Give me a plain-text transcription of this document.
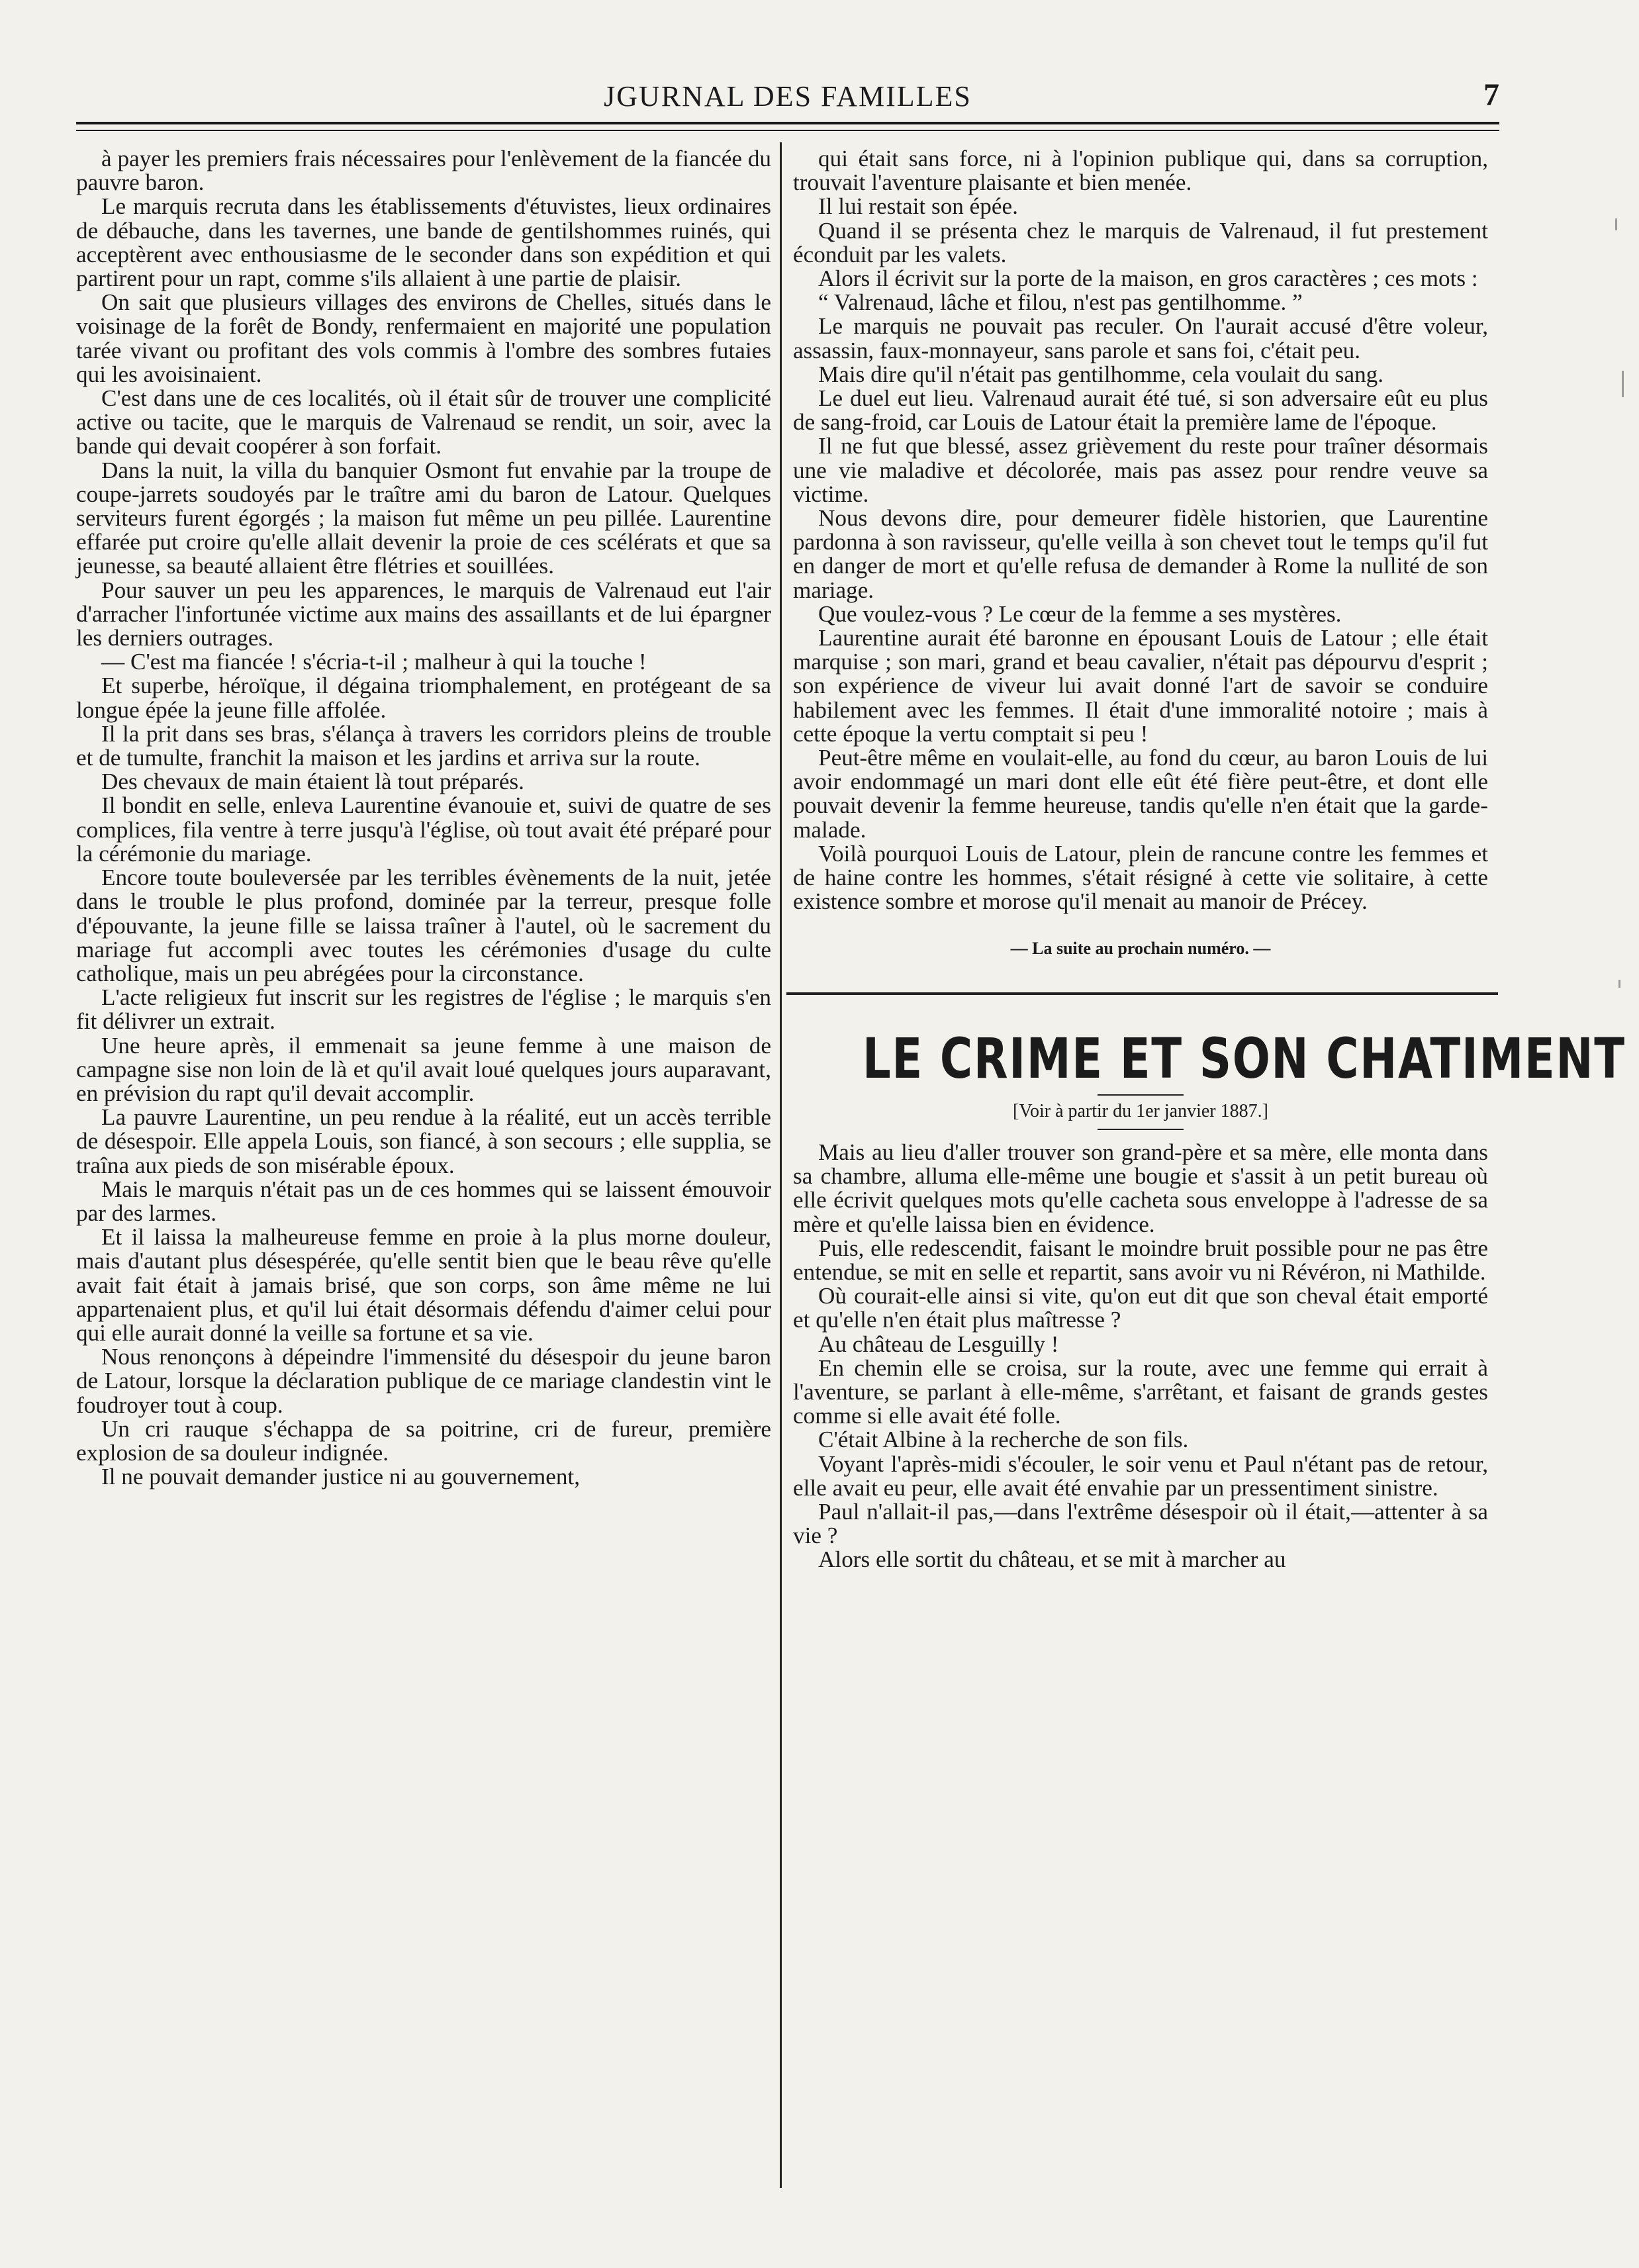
JGURNAL DES FAMILLES	7

à payer les premiers frais nécessaires pour l'enlèvement de la fiancée du pauvre baron.

Le marquis recruta dans les établissements d'étuvistes, lieux ordinaires de débauche, dans les tavernes, une bande de gentilshommes ruinés, qui acceptèrent avec enthousiasme de le seconder dans son expédition et qui partirent pour un rapt, comme s'ils allaient à une partie de plaisir.

On sait que plusieurs villages des environs de Chelles, situés dans le voisinage de la forêt de Bondy, renfermaient en majorité une population tarée vivant ou profitant des vols commis à l'ombre des sombres futaies qui les avoisinaient.

C'est dans une de ces localités, où il était sûr de trouver une complicité active ou tacite, que le marquis de Valrenaud se rendit, un soir, avec la bande qui devait coopérer à son forfait.

Dans la nuit, la villa du banquier Osmont fut envahie par la troupe de coupe-jarrets soudoyés par le traître ami du baron de Latour. Quelques serviteurs furent égorgés ; la maison fut même un peu pillée. Laurentine effarée put croire qu'elle allait devenir la proie de ces scélérats et que sa jeunesse, sa beauté allaient être flétries et souillées.

Pour sauver un peu les apparences, le marquis de Valrenaud eut l'air d'arracher l'infortunée victime aux mains des assaillants et de lui épargner les derniers outrages.

— C'est ma fiancée ! s'écria-t-il ; malheur à qui la touche !

Et superbe, héroïque, il dégaina triomphalement, en protégeant de sa longue épée la jeune fille affolée.

Il la prit dans ses bras, s'élança à travers les corridors pleins de trouble et de tumulte, franchit la maison et les jardins et arriva sur la route.

Des chevaux de main étaient là tout préparés.

Il bondit en selle, enleva Laurentine évanouie et, suivi de quatre de ses complices, fila ventre à terre jusqu'à l'église, où tout avait été préparé pour la cérémonie du mariage.

Encore toute bouleversée par les terribles évènements de la nuit, jetée dans le trouble le plus profond, dominée par la terreur, presque folle d'épouvante, la jeune fille se laissa traîner à l'autel, où le sacrement du mariage fut accompli avec toutes les cérémonies d'usage du culte catholique, mais un peu abrégées pour la circonstance.

L'acte religieux fut inscrit sur les registres de l'église ; le marquis s'en fit délivrer un extrait.

Une heure après, il emmenait sa jeune femme à une maison de campagne sise non loin de là et qu'il avait loué quelques jours auparavant, en prévision du rapt qu'il devait accomplir.

La pauvre Laurentine, un peu rendue à la réalité, eut un accès terrible de désespoir. Elle appela Louis, son fiancé, à son secours ; elle supplia, se traîna aux pieds de son misérable époux.

Mais le marquis n'était pas un de ces hommes qui se laissent émouvoir par des larmes.

Et il laissa la malheureuse femme en proie à la plus morne douleur, mais d'autant plus désespérée, qu'elle sentit bien que le beau rêve qu'elle avait fait était à jamais brisé, que son corps, son âme même ne lui appartenaient plus, et qu'il lui était désormais défendu d'aimer celui pour qui elle aurait donné la veille sa fortune et sa vie.

Nous renonçons à dépeindre l'immensité du désespoir du jeune baron de Latour, lorsque la déclaration publique de ce mariage clandestin vint le foudroyer tout à coup.

Un cri rauque s'échappa de sa poitrine, cri de fureur, première explosion de sa douleur indignée.

Il ne pouvait demander justice ni au gouvernement,

qui était sans force, ni à l'opinion publique qui, dans sa corruption, trouvait l'aventure plaisante et bien menée.

Il lui restait son épée.

Quand il se présenta chez le marquis de Valrenaud, il fut prestement éconduit par les valets.

Alors il écrivit sur la porte de la maison, en gros caractères ; ces mots :

“ Valrenaud, lâche et filou, n'est pas gentilhomme. ”

Le marquis ne pouvait pas reculer. On l'aurait accusé d'être voleur, assassin, faux-monnayeur, sans parole et sans foi, c'était peu.

Mais dire qu'il n'était pas gentilhomme, cela voulait du sang.

Le duel eut lieu. Valrenaud aurait été tué, si son adversaire eût eu plus de sang-froid, car Louis de Latour était la première lame de l'époque.

Il ne fut que blessé, assez grièvement du reste pour traîner désormais une vie maladive et décolorée, mais pas assez pour rendre veuve sa victime.

Nous devons dire, pour demeurer fidèle historien, que Laurentine pardonna à son ravisseur, qu'elle veilla à son chevet tout le temps qu'il fut en danger de mort et qu'elle refusa de demander à Rome la nullité de son mariage.

Que voulez-vous ? Le cœur de la femme a ses mystères.

Laurentine aurait été baronne en épousant Louis de Latour ; elle était marquise ; son mari, grand et beau cavalier, n'était pas dépourvu d'esprit ; son expérience de viveur lui avait donné l'art de savoir se conduire habilement avec les femmes. Il était d'une immoralité notoire ; mais à cette époque la vertu comptait si peu !

Peut-être même en voulait-elle, au fond du cœur, au baron Louis de lui avoir endommagé un mari dont elle eût été fière peut-être, et dont elle pouvait devenir la femme heureuse, tandis qu'elle n'en était que la garde-malade.

Voilà pourquoi Louis de Latour, plein de rancune contre les femmes et de haine contre les hommes, s'était résigné à cette vie solitaire, à cette existence sombre et morose qu'il menait au manoir de Précey.

— La suite au prochain numéro. —
LE CRIME ET SON CHATIMENT
[Voir à partir du 1er janvier 1887.]

Mais au lieu d'aller trouver son grand-père et sa mère, elle monta dans sa chambre, alluma elle-même une bougie et s'assit à un petit bureau où elle écrivit quelques mots qu'elle cacheta sous enveloppe à l'adresse de sa mère et qu'elle laissa bien en évidence.

Puis, elle redescendit, faisant le moindre bruit possible pour ne pas être entendue, se mit en selle et repartit, sans avoir vu ni Révéron, ni Mathilde.

Où courait-elle ainsi si vite, qu'on eut dit que son cheval était emporté et qu'elle n'en était plus maîtresse ?

Au château de Lesguilly !

En chemin elle se croisa, sur la route, avec une femme qui errait à l'aventure, se parlant à elle-même, s'arrêtant, et faisant de grands gestes comme si elle avait été folle.

C'était Albine à la recherche de son fils.

Voyant l'après-midi s'écouler, le soir venu et Paul n'étant pas de retour, elle avait eu peur, elle avait été envahie par un pressentiment sinistre.

Paul n'allait-il pas,—dans l'extrême désespoir où il était,—attenter à sa vie ?

Alors elle sortit du château, et se mit à marcher au
